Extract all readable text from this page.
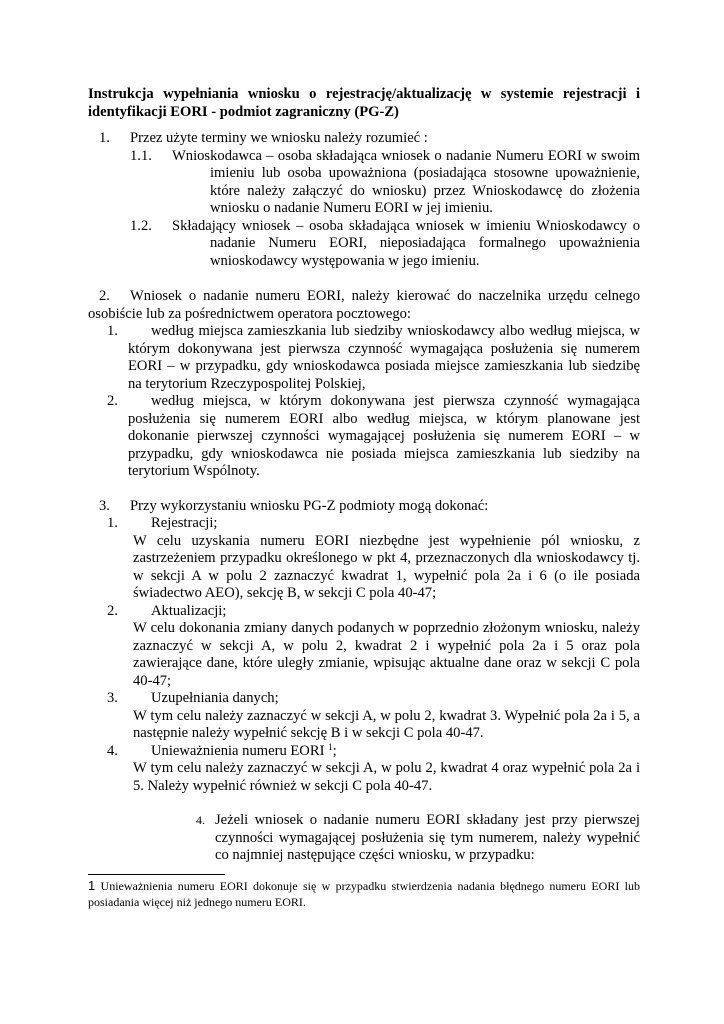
Instrukcja wypełniania wniosku o rejestrację/aktualizację w systemie rejestracji i identyfikacji EORI - podmiot zagraniczny (PG-Z)

1. Przez użyte terminy we wniosku należy rozumieć :
1.1. Wnioskodawca – osoba składająca wniosek o nadanie Numeru EORI w swoim imieniu lub osoba upoważniona (posiadająca stosowne upoważnienie, które należy załączyć do wniosku) przez Wnioskodawcę do złożenia wniosku o nadanie Numeru EORI w jej imieniu.
1.2. Składający wniosek – osoba składająca wniosek w imieniu Wnioskodawcy o nadanie Numeru EORI, nieposiadająca formalnego upoważnienia wnioskodawcy występowania w jego imieniu.
2. Wniosek o nadanie numeru EORI, należy kierować do naczelnika urzędu celnego osobiście lub za pośrednictwem operatora pocztowego:
1. według miejsca zamieszkania lub siedziby wnioskodawcy albo według miejsca, w którym dokonywana jest pierwsza czynność wymagająca posłużenia się numerem EORI – w przypadku, gdy wnioskodawca posiada miejsce zamieszkania lub siedzibę na terytorium Rzeczypospolitej Polskiej,
2. według miejsca, w którym dokonywana jest pierwsza czynność wymagająca posłużenia się numerem EORI albo według miejsca, w którym planowane jest dokonanie pierwszej czynności wymagającej posłużenia się numerem EORI – w przypadku, gdy wnioskodawca nie posiada miejsca zamieszkania lub siedziby na terytorium Wspólnoty.
3. Przy wykorzystaniu wniosku PG-Z podmioty mogą dokonać:
1. Rejestracji;
W celu uzyskania numeru EORI niezbędne jest wypełnienie pól wniosku, z zastrzeżeniem przypadku określonego w pkt 4, przeznaczonych dla wnioskodawcy tj. w sekcji A w polu 2 zaznaczyć kwadrat 1, wypełnić pola 2a i 6 (o ile posiada świadectwo AEO), sekcję B, w sekcji C pola 40-47;
2. Aktualizacji;
W celu dokonania zmiany danych podanych w poprzednio złożonym wniosku, należy zaznaczyć w sekcji A, w polu 2, kwadrat 2 i wypełnić pola 2a i 5 oraz pola zawierające dane, które uległy zmianie, wpisując aktualne dane oraz w sekcji C pola 40-47;
3. Uzupełniania danych;
W tym celu należy zaznaczyć w sekcji A, w polu 2, kwadrat 3. Wypełnić pola 2a i 5, a następnie należy wypełnić sekcję B i w sekcji C pola 40-47.
4. Unieważnienia numeru EORI $^1$;
W tym celu należy zaznaczyć w sekcji A, w polu 2, kwadrat 4 oraz wypełnić pola 2a i 5. Należy wypełnić również w sekcji C pola 40-47.
4. Jeżeli wniosek o nadanie numeru EORI składany jest przy pierwszej czynności wymagającej posłużenia się tym numerem, należy wypełnić co najmniej następujące części wniosku, w przypadku:
1 Unieważnienia numeru EORI dokonuje się w przypadku stwierdzenia nadania błędnego numeru EORI lub posiadania więcej niż jednego numeru EORI.
